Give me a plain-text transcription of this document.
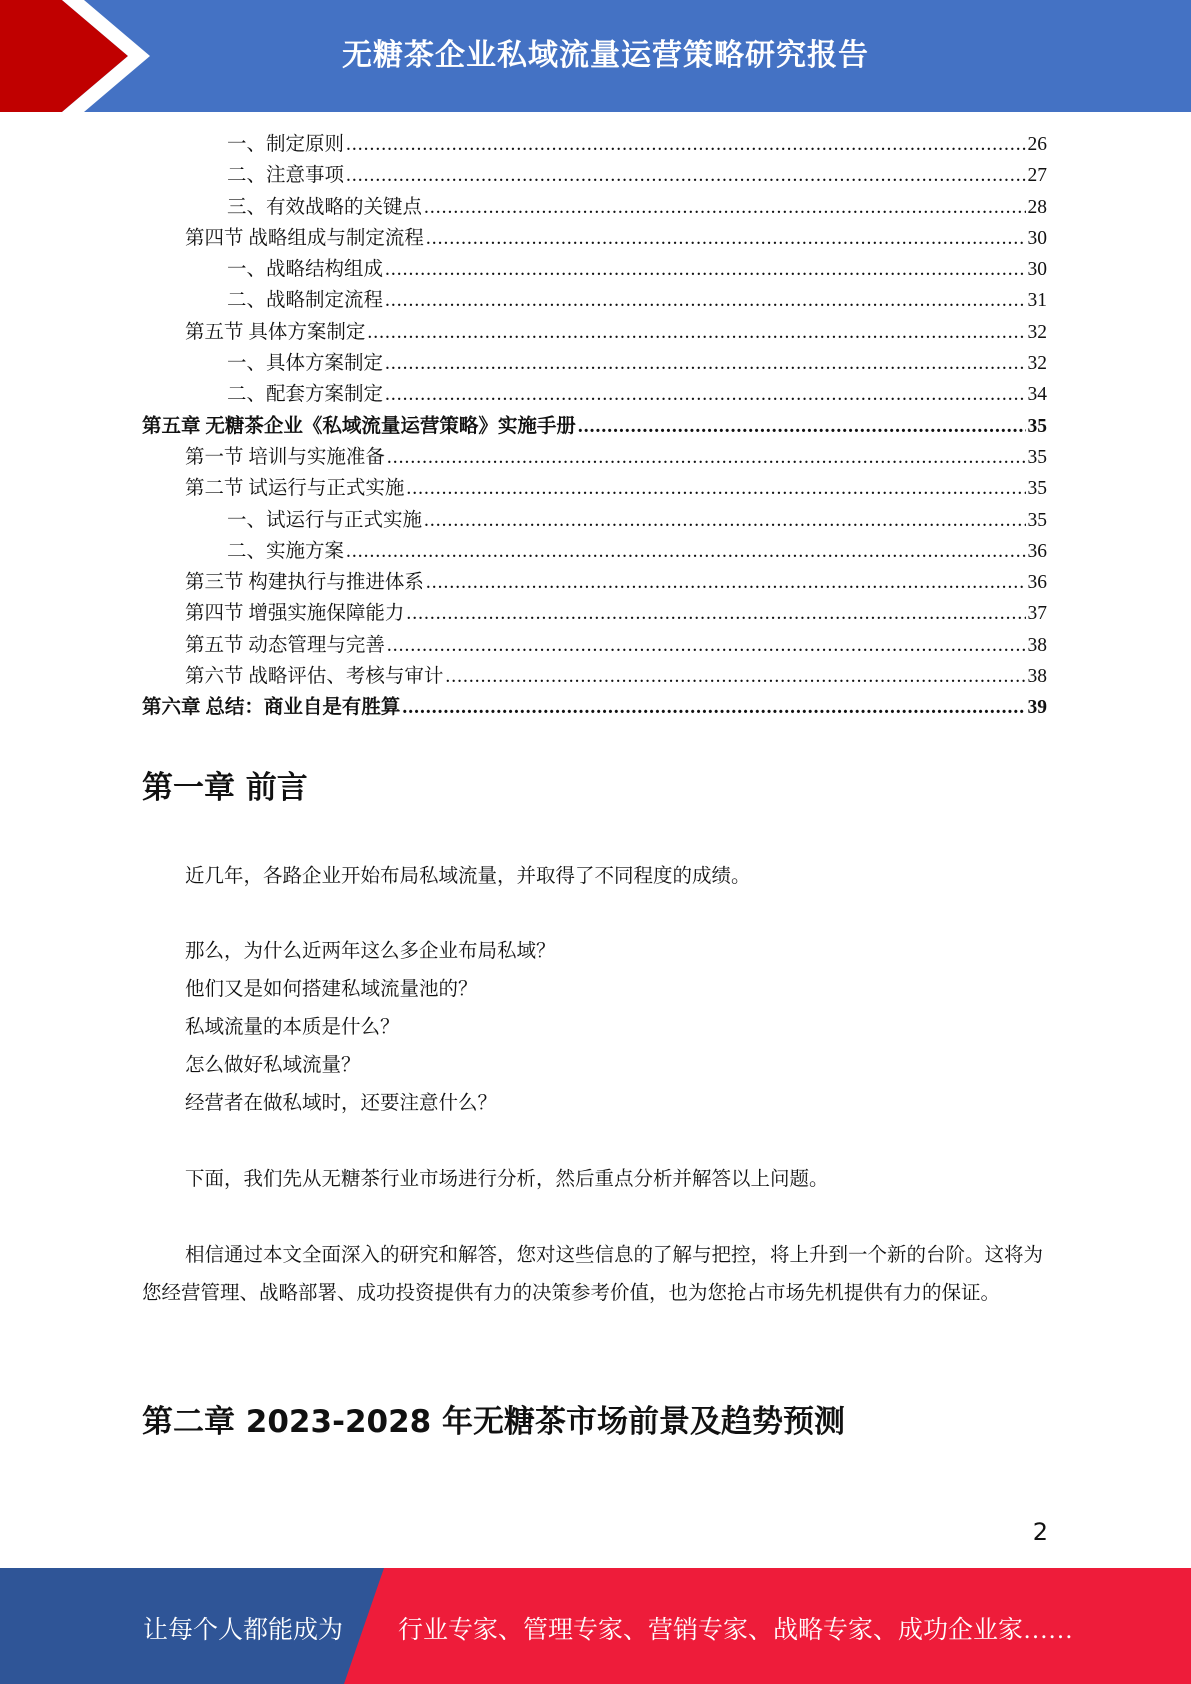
无糖茶企业私域流量运营策略研究报告
一、制定原则 .....	26
二、注意事项 .....	27
三、有效战略的关键点 .....	28
第四节 战略组成与制定流程 .....	30
一、战略结构组成 .....	30
二、战略制定流程 .....	31
第五节 具体方案制定 .....	32
一、具体方案制定 .....	32
二、配套方案制定 .....	34
第五章 无糖茶企业《私域流量运营策略》实施手册 .....	35
第一节 培训与实施准备 .....	35
第二节 试运行与正式实施 .....	35
一、试运行与正式实施 .....	35
二、实施方案 .....	36
第三节 构建执行与推进体系 .....	36
第四节 增强实施保障能力 .....	37
第五节 动态管理与完善 .....	38
第六节 战略评估、考核与审计 .....	38
第六章 总结：商业自是有胜算 .....	39
第一章 前言

近几年，各路企业开始布局私域流量，并取得了不同程度的成绩。

那么，为什么近两年这么多企业布局私域？
他们又是如何搭建私域流量池的？
私域流量的本质是什么？
怎么做好私域流量？
经营者在做私域时，还要注意什么？

下面，我们先从无糖茶行业市场进行分析，然后重点分析并解答以上问题。

相信通过本文全面深入的研究和解答，您对这些信息的了解与把控，将上升到一个新的台阶。这将为您经营管理、战略部署、成功投资提供有力的决策参考价值，也为您抢占市场先机提供有力的保证。

第二章 2023-2028 年无糖茶市场前景及趋势预测
2
让每个人都能成为 行业专家、管理专家、营销专家、战略专家、成功企业家……
